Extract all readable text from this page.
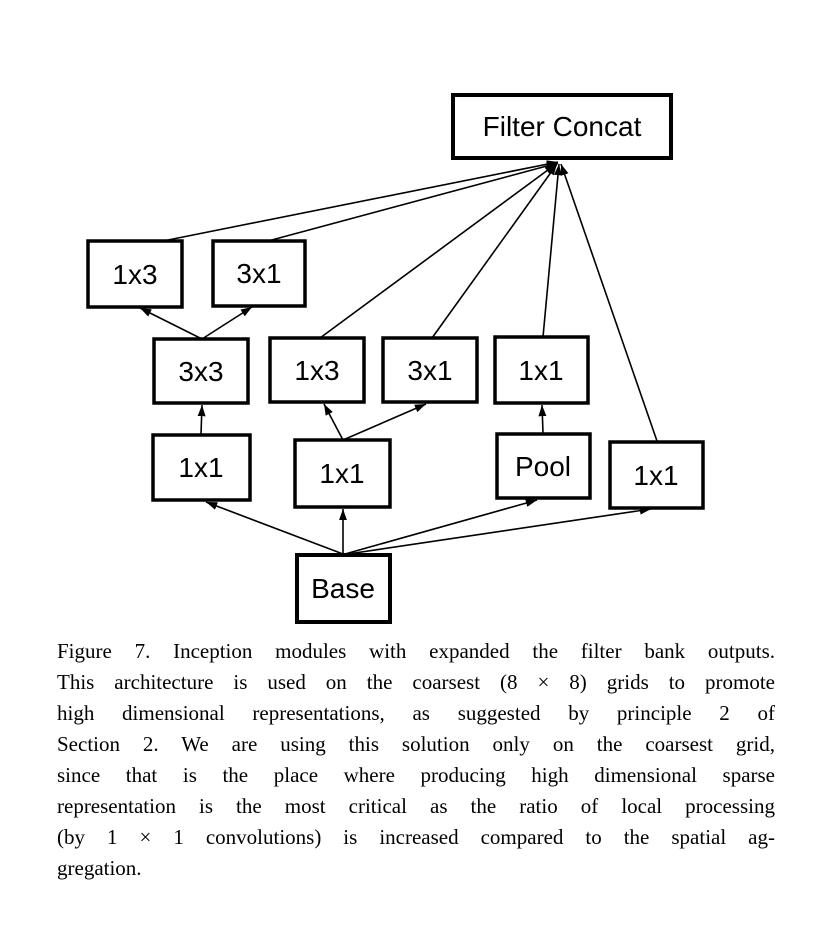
Filter Concat
1x3	3x1
3x3	1x3 3x1 1x1
1x1	1x1	Pool 1x1
Base
Figure 7. Inception modules with expanded the filter bank outputs.
This architecture is used on the coarsest (8 × 8) grids to promote
high dimensional representations, as suggested by principle 2 of
Section 2. We are using this solution only on the coarsest grid,
since that is the place where producing high dimensional sparse
representation is the most critical as the ratio of local processing
(by 1 × 1 convolutions) is increased compared to the spatial ag-
gregation.
